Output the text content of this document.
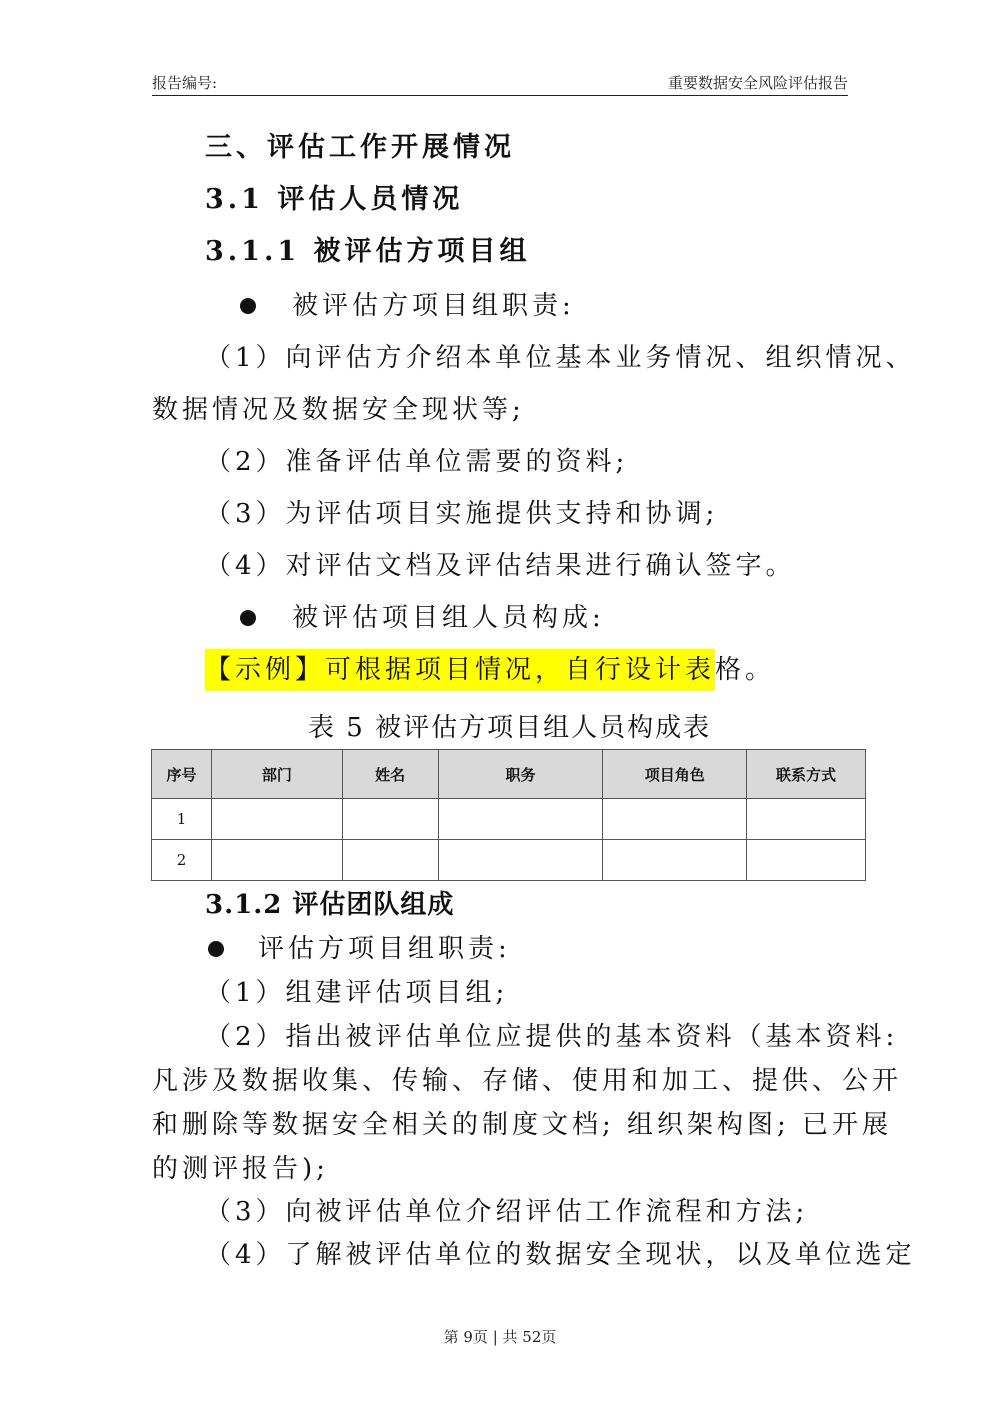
报告编号:	重要数据安全风险评估报告
三、评估工作开展情况
3.1 评估人员情况
3.1.1 被评估方项目组
被评估方项目组职责:
（1）向评估方介绍本单位基本业务情况、组织情况、
数据情况及数据安全现状等;
（2）准备评估单位需要的资料;
（3）为评估项目实施提供支持和协调;
（4）对评估文档及评估结果进行确认签字。
被评估项目组人员构成:
【示例】可根据项目情况，自行设计表格。
表 5 被评估方项目组人员构成表
序号	部门	姓名	职务	项目角色	联系方式
1					
2					
3.1.2 评估团队组成
评估方项目组职责:
（1）组建评估项目组;
（2）指出被评估单位应提供的基本资料（基本资料:
凡涉及数据收集、传输、存储、使用和加工、提供、公开
和删除等数据安全相关的制度文档; 组织架构图; 已开展
的测评报告);
（3）向被评估单位介绍评估工作流程和方法;
（4）了解被评估单位的数据安全现状，以及单位选定
第 9页 | 共 52页
